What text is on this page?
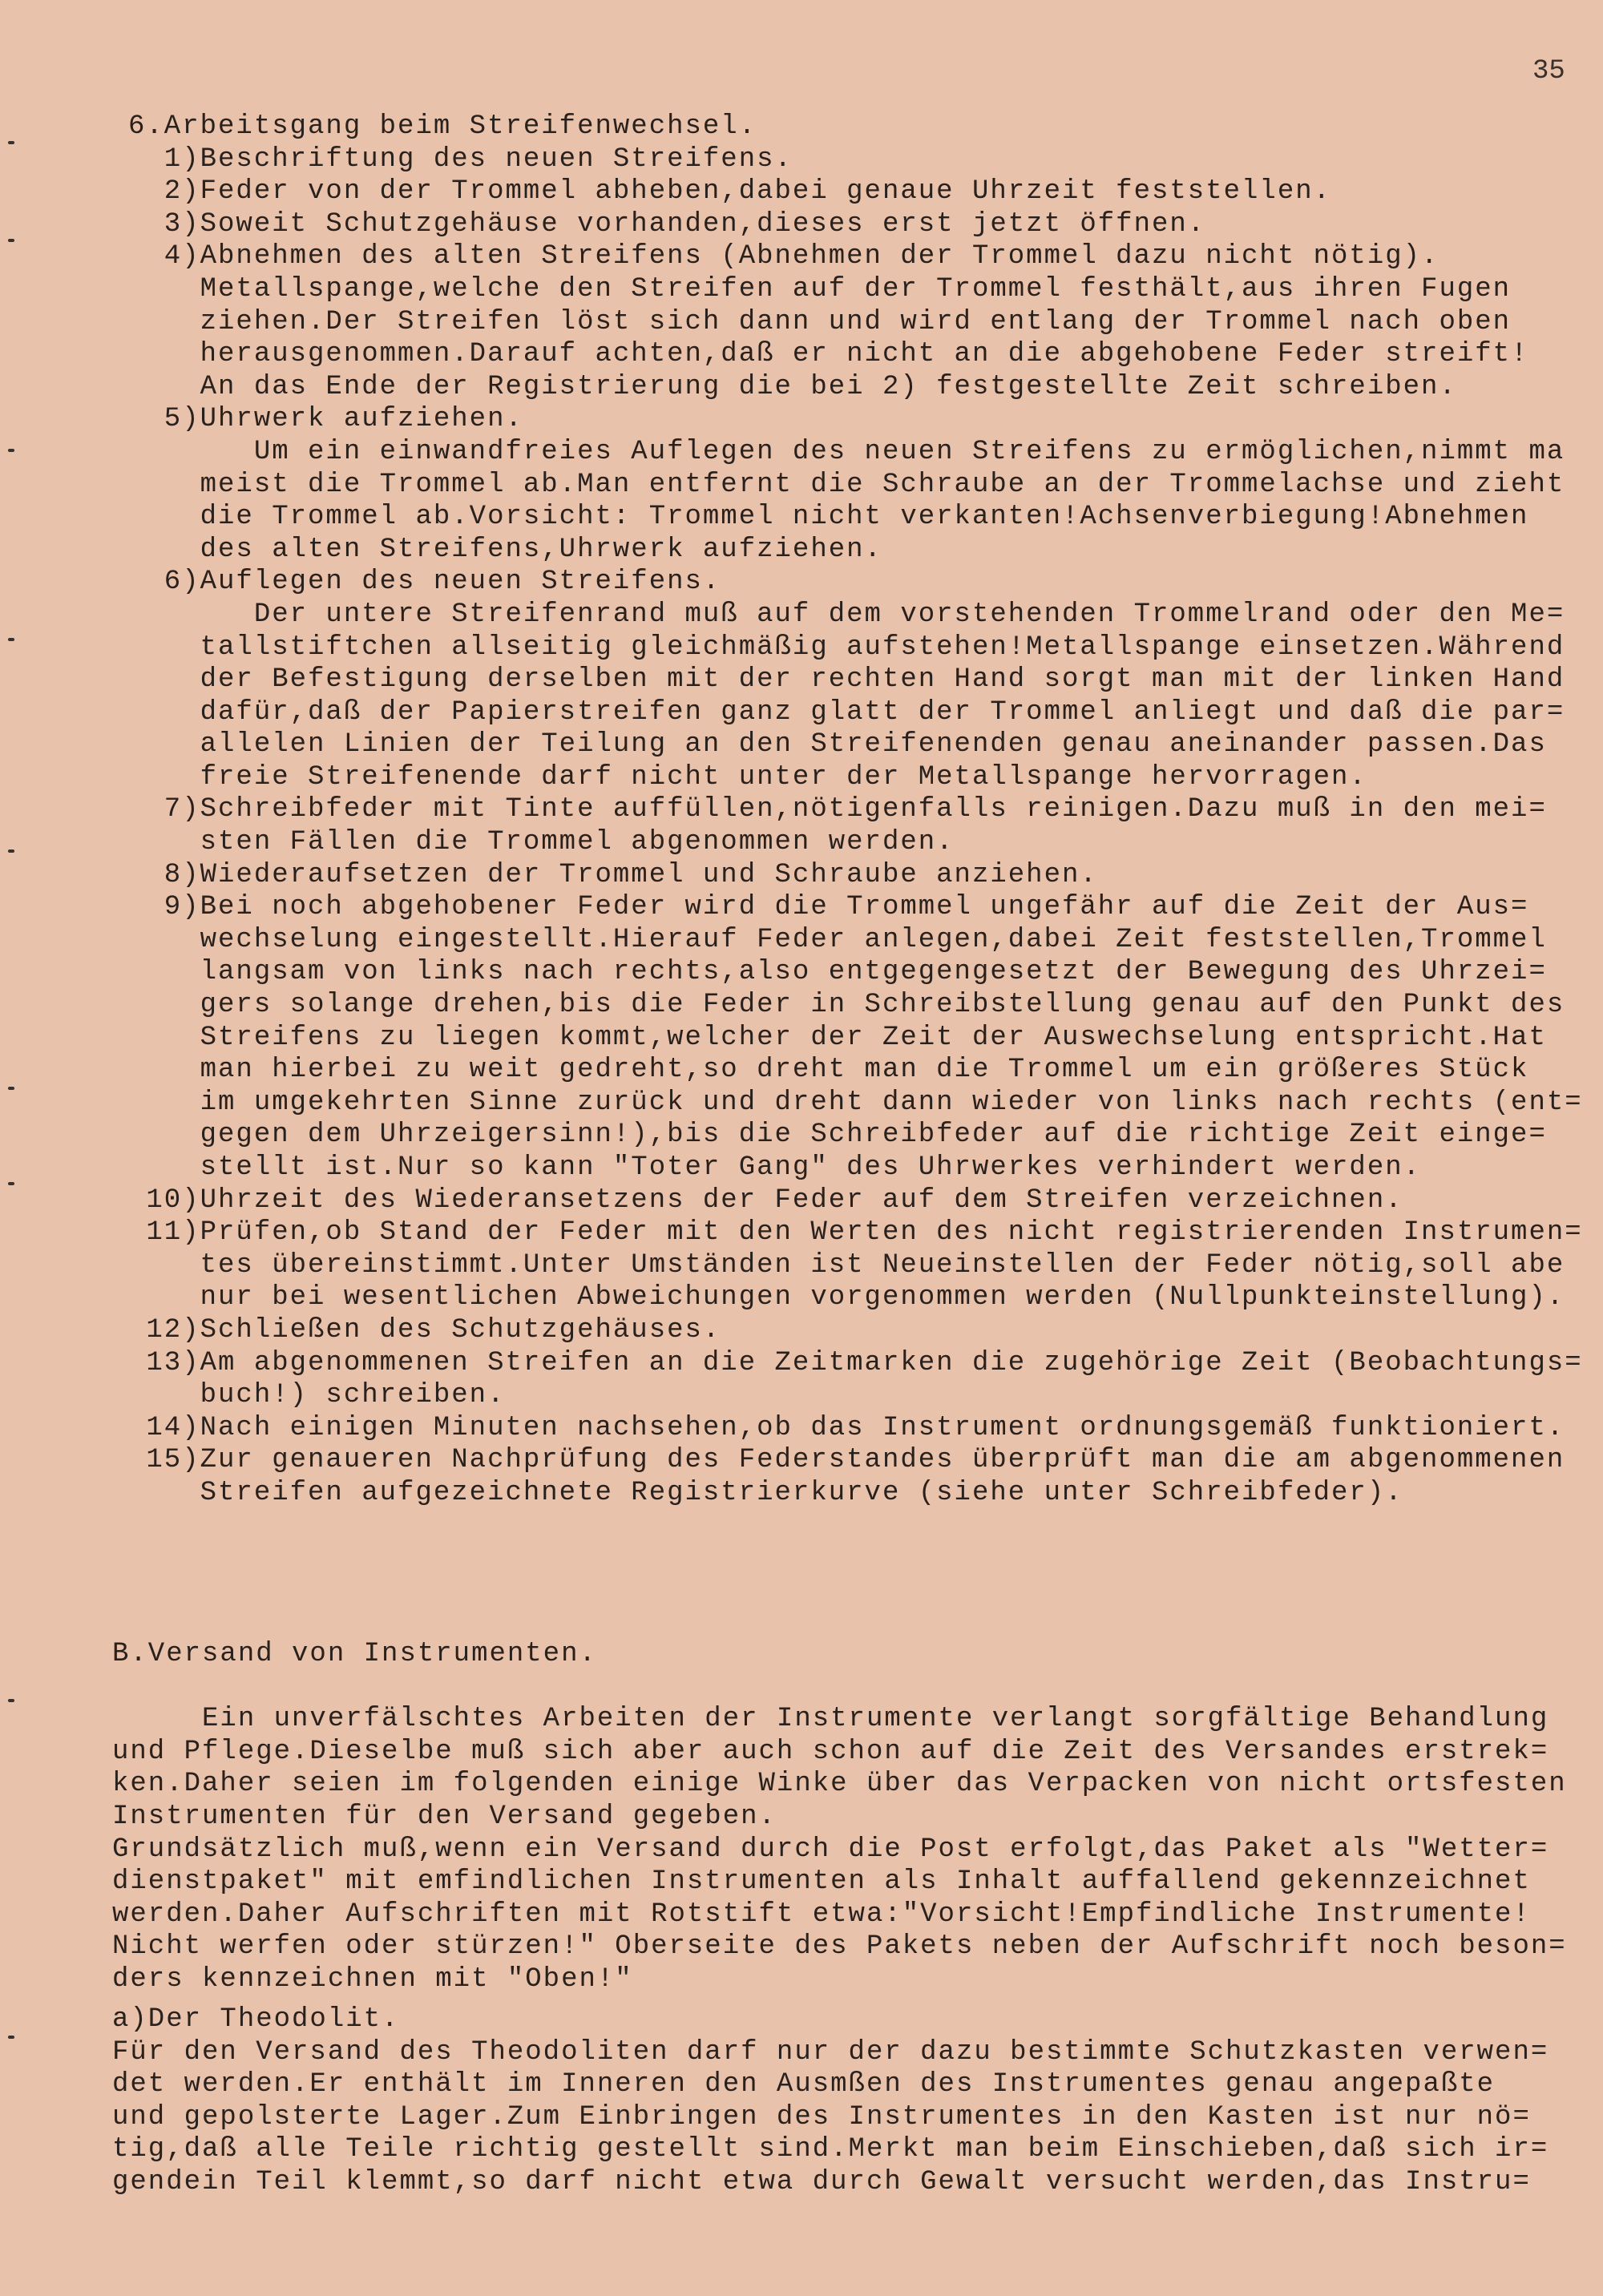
35
6.Arbeitsgang beim Streifenwechsel.
1)Beschriftung des neuen Streifens.
2)Feder von der Trommel abheben,dabei genaue Uhrzeit feststellen.
3)Soweit Schutzgehäuse vorhanden,dieses erst jetzt öffnen.
4)Abnehmen des alten Streifens (Abnehmen der Trommel dazu nicht nötig).
Metallspange,welche den Streifen auf der Trommel festhält,aus ihren Fugen
ziehen.Der Streifen löst sich dann und wird entlang der Trommel nach oben
herausgenommen.Darauf achten,daß er nicht an die abgehobene Feder streift!
An das Ende der Registrierung die bei 2) festgestellte Zeit schreiben.
5)Uhrwerk aufziehen.
Um ein einwandfreies Auflegen des neuen Streifens zu ermöglichen,nimmt ma
meist die Trommel ab.Man entfernt die Schraube an der Trommelachse und zieht
die Trommel ab.Vorsicht: Trommel nicht verkanten!Achsenverbiegung!Abnehmen
des alten Streifens,Uhrwerk aufziehen.
6)Auflegen des neuen Streifens.
Der untere Streifenrand muß auf dem vorstehenden Trommelrand oder den Me=
tallstiftchen allseitig gleichmäßig aufstehen!Metallspange einsetzen.Während
der Befestigung derselben mit der rechten Hand sorgt man mit der linken Hand
dafür,daß der Papierstreifen ganz glatt der Trommel anliegt und daß die par=
allelen Linien der Teilung an den Streifenenden genau aneinander passen.Das
freie Streifenende darf nicht unter der Metallspange hervorragen.
7)Schreibfeder mit Tinte auffüllen,nötigenfalls reinigen.Dazu muß in den mei=
sten Fällen die Trommel abgenommen werden.
8)Wiederaufsetzen der Trommel und Schraube anziehen.
9)Bei noch abgehobener Feder wird die Trommel ungefähr auf die Zeit der Aus=
wechselung eingestellt.Hierauf Feder anlegen,dabei Zeit feststellen,Trommel
langsam von links nach rechts,also entgegengesetzt der Bewegung des Uhrzei=
gers solange drehen,bis die Feder in Schreibstellung genau auf den Punkt des
Streifens zu liegen kommt,welcher der Zeit der Auswechselung entspricht.Hat
man hierbei zu weit gedreht,so dreht man die Trommel um ein größeres Stück
im umgekehrten Sinne zurück und dreht dann wieder von links nach rechts (ent=
gegen dem Uhrzeigersinn!),bis die Schreibfeder auf die richtige Zeit einge=
stellt ist.Nur so kann "Toter Gang" des Uhrwerkes verhindert werden.
10)Uhrzeit des Wiederansetzens der Feder auf dem Streifen verzeichnen.
11)Prüfen,ob Stand der Feder mit den Werten des nicht registrierenden Instrumen=
tes übereinstimmt.Unter Umständen ist Neueinstellen der Feder nötig,soll abe
nur bei wesentlichen Abweichungen vorgenommen werden (Nullpunkteinstellung).
12)Schließen des Schutzgehäuses.
13)Am abgenommenen Streifen an die Zeitmarken die zugehörige Zeit (Beobachtungs=
buch!) schreiben.
14)Nach einigen Minuten nachsehen,ob das Instrument ordnungsgemäß funktioniert.
15)Zur genaueren Nachprüfung des Federstandes überprüft man die am abgenommenen
Streifen aufgezeichnete Registrierkurve (siehe unter Schreibfeder).
B.Versand von Instrumenten.
Ein unverfälschtes Arbeiten der Instrumente verlangt sorgfältige Behandlung
und Pflege.Dieselbe muß sich aber auch schon auf die Zeit des Versandes erstrek=
ken.Daher seien im folgenden einige Winke über das Verpacken von nicht ortsfesten
Instrumenten für den Versand gegeben.
Grundsätzlich muß,wenn ein Versand durch die Post erfolgt,das Paket als "Wetter=
dienstpaket" mit emfindlichen Instrumenten als Inhalt auffallend gekennzeichnet
werden.Daher Aufschriften mit Rotstift etwa:"Vorsicht!Empfindliche Instrumente!
Nicht werfen oder stürzen!" Oberseite des Pakets neben der Aufschrift noch beson=
ders kennzeichnen mit "Oben!"
a)Der Theodolit.
Für den Versand des Theodoliten darf nur der dazu bestimmte Schutzkasten verwen=
det werden.Er enthält im Inneren den Ausmßen des Instrumentes genau angepaßte
und gepolsterte Lager.Zum Einbringen des Instrumentes in den Kasten ist nur nö=
tig,daß alle Teile richtig gestellt sind.Merkt man beim Einschieben,daß sich ir=
gendein Teil klemmt,so darf nicht etwa durch Gewalt versucht werden,das Instru=
